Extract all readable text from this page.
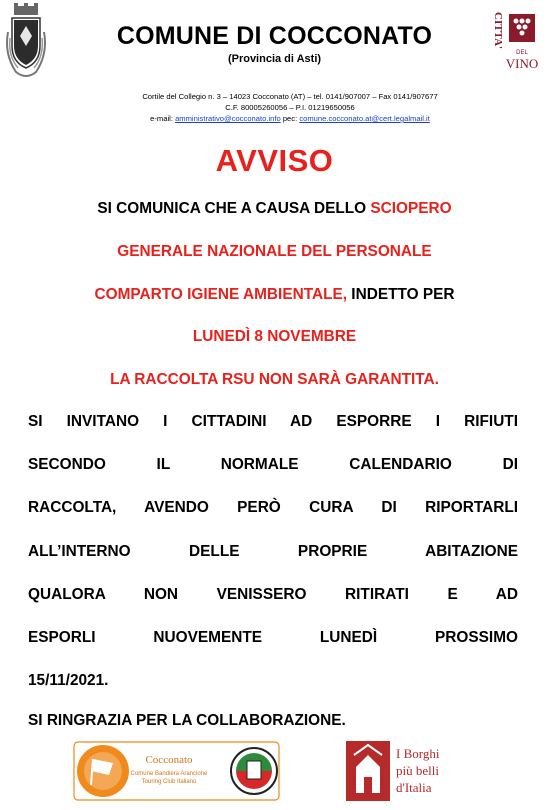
CITTA'
DEL
VINO
COMUNE DI COCCONATO
(Provincia di Asti)
Cortile del Collegio n. 3 – 14023 Cocconato (AT) – tel. 0141/907007 – Fax 0141/907677
C.F. 80005260056 – P.I. 01219650056
e-mail: amministrativo@cocconato.info pec: comune.cocconato.at@cert.legalmail.it
AVVISO
SI COMUNICA CHE A CAUSA DELLO SCIOPERO
GENERALE NAZIONALE DEL PERSONALE
COMPARTO IGIENE AMBIENTALE, INDETTO PER
LUNEDÌ 8 NOVEMBRE
LA RACCOLTA RSU NON SARÀ GARANTITA.
SI INVITANO I CITTADINI AD ESPORRE I RIFIUTI
SECONDO IL NORMALE CALENDARIO DI
RACCOLTA, AVENDO PERÒ CURA DI RIPORTARLI
ALL’INTERNO DELLE PROPRIE ABITAZIONE
QUALORA NON VENISSERO RITIRATI E AD
ESPORLI NUOVEMENTE LUNEDÌ PROSSIMO
15/11/2021.
SI RINGRAZIA PER LA COLLABORAZIONE.
Cocconato
Comune Bandiera Arancione
Touring Club Italiano
I Borghi
più belli
d'Italia
